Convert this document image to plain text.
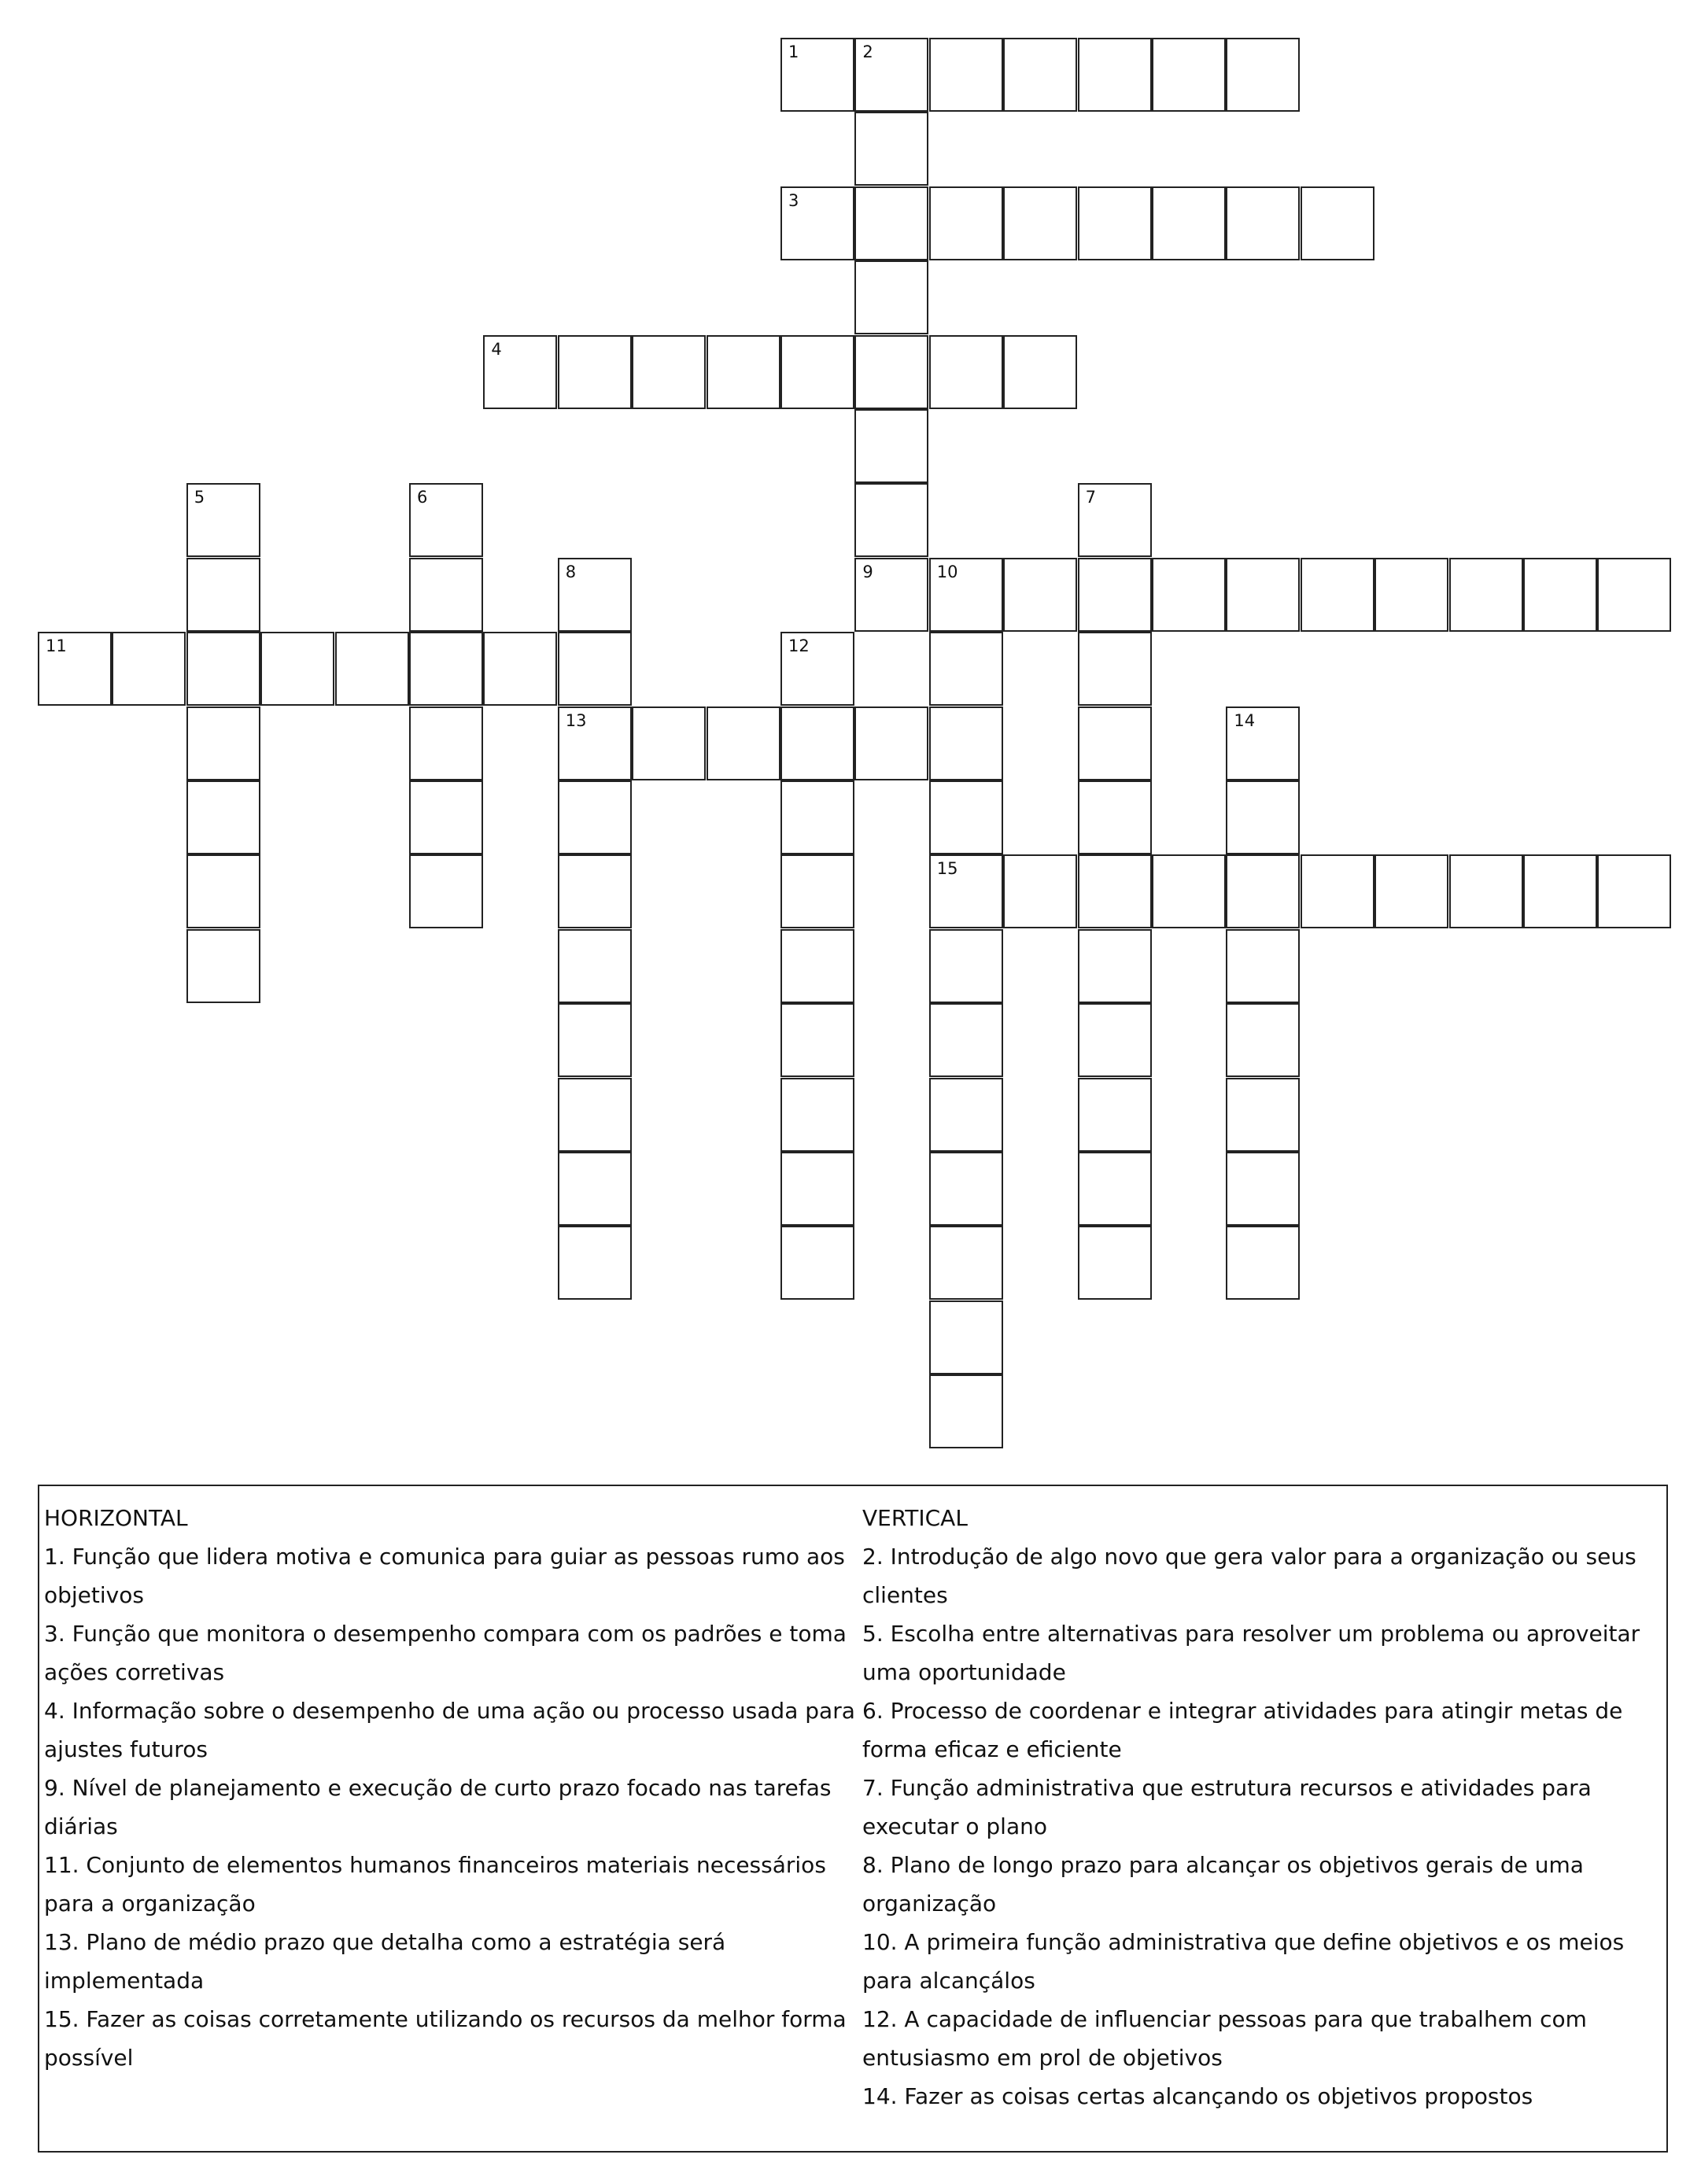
1	2
9
3
4
5	6	7
8
13
10
15
11	12
14
HORIZONTAL
1. Função que lidera motiva e comunica para guiar as pessoas rumo aos objetivos
3. Função que monitora o desempenho compara com os padrões e toma ações corretivas
4. Informação sobre o desempenho de uma ação ou processo usada para ajustes futuros
9. Nível de planejamento e execução de curto prazo focado nas tarefas diárias
11. Conjunto de elementos humanos financeiros materiais necessários para a organização
13. Plano de médio prazo que detalha como a estratégia será implementada
15. Fazer as coisas corretamente utilizando os recursos da melhor forma possível
VERTICAL
2. Introdução de algo novo que gera valor para a organização ou seus clientes
5. Escolha entre alternativas para resolver um problema ou aproveitar uma oportunidade
6. Processo de coordenar e integrar atividades para atingir metas de forma eficaz e eficiente
7. Função administrativa que estrutura recursos e atividades para executar o plano
8. Plano de longo prazo para alcançar os objetivos gerais de uma organização
10. A primeira função administrativa que define objetivos e os meios para alcançálos
12. A capacidade de influenciar pessoas para que trabalhem com entusiasmo em prol de objetivos
14. Fazer as coisas certas alcançando os objetivos propostos
